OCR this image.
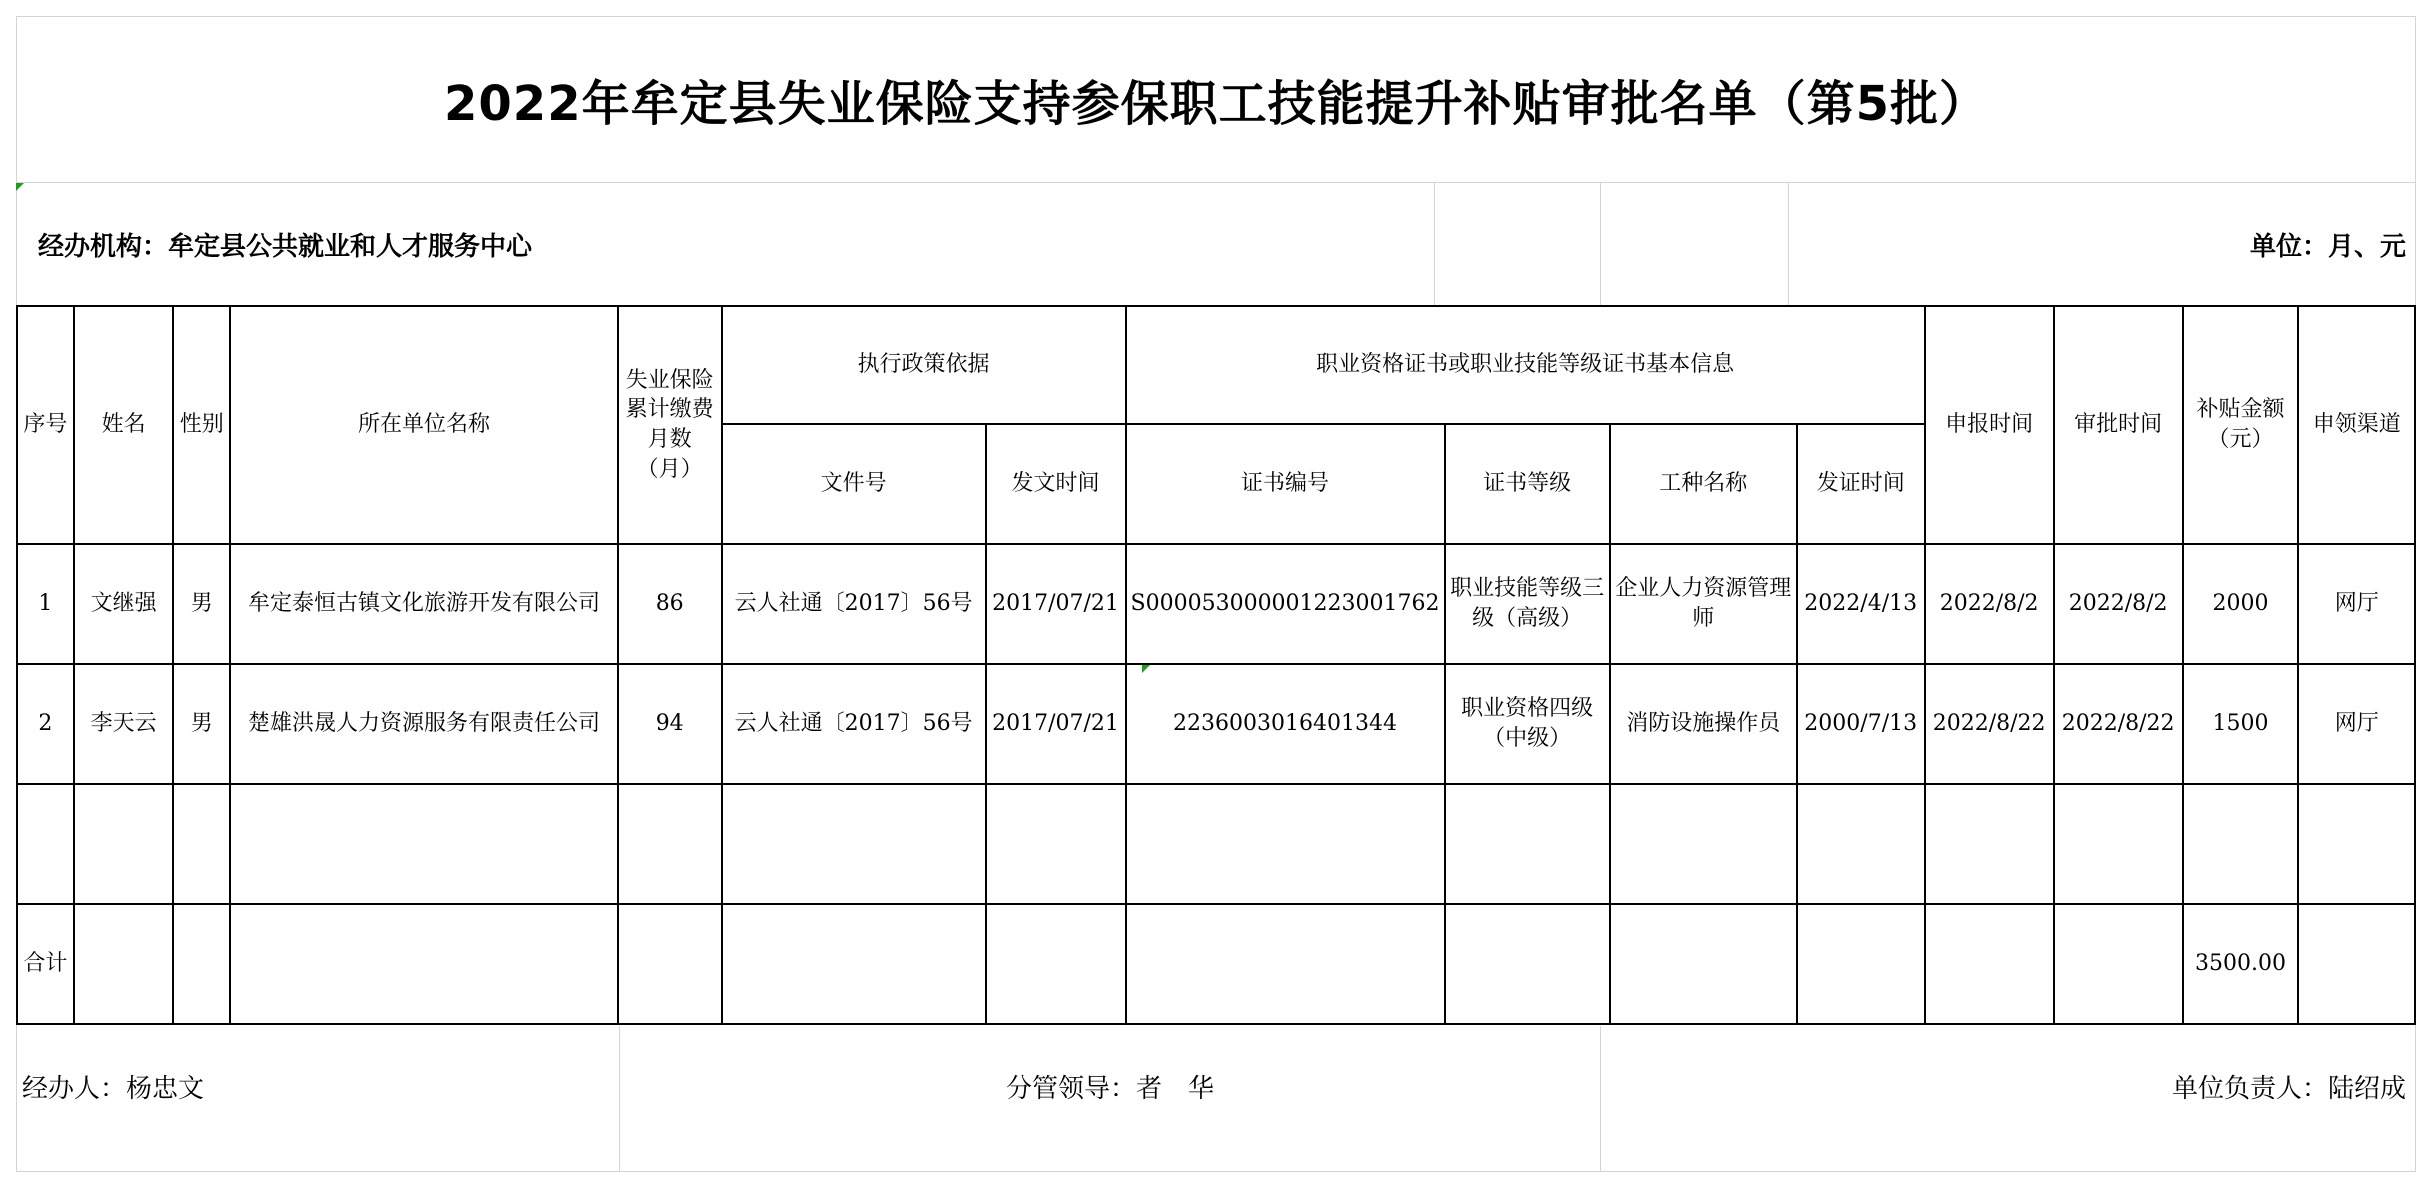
2022年牟定县失业保险支持参保职工技能提升补贴审批名单（第5批）
经办机构：牟定县公共就业和人才服务中心	单位：月、元
序号	姓名	性别	所在单位名称	失业保险累计缴费月数（月）	执行政策依据		职业资格证书或职业技能等级证书基本信息				申报时间	审批时间	补贴金额（元）	申领渠道
					文件号	发文时间	证书编号	证书等级	工种名称	发证时间				
1	文继强	男	牟定泰恒古镇文化旅游开发有限公司	86	云人社通〔2017〕56号	2017/07/21	S000053000001223001762	职业技能等级三级（高级）	企业人力资源管理师	2022/4/13	2022/8/2	2022/8/2	2000	网厅
2	李天云	男	楚雄洪晟人力资源服务有限责任公司	94	云人社通〔2017〕56号	2017/07/21	2236003016401344	职业资格四级（中级）	消防设施操作员	2000/7/13	2022/8/22	2022/8/22	1500	网厅

合计													3500.00	
经办人：杨忠文	分管领导：者　华	单位负责人：陆绍成
